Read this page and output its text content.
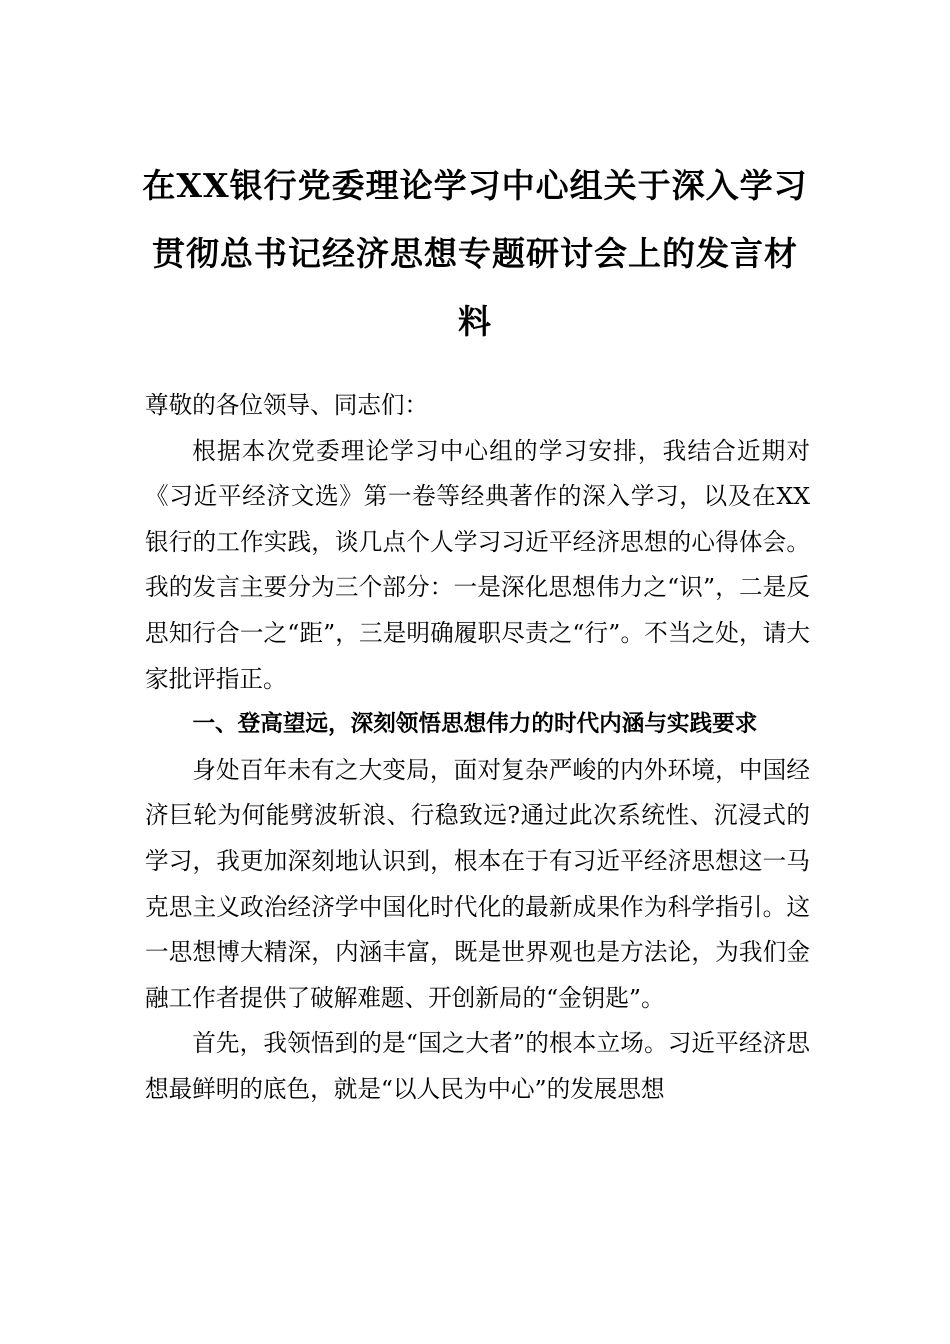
在XX银行党委理论学习中心组关于深入学习贯彻总书记经济思想专题研讨会上的发言材料

尊敬的各位领导、同志们：

根据本次党委理论学习中心组的学习安排，我结合近期对《习近平经济文选》第一卷等经典著作的深入学习，以及在XX银行的工作实践，谈几点个人学习习近平经济思想的心得体会。我的发言主要分为三个部分：一是深化思想伟力之“识”，二是反思知行合一之“距”，三是明确履职尽责之“行”。不当之处，请大家批评指正。

一、登高望远，深刻领悟思想伟力的时代内涵与实践要求

身处百年未有之大变局，面对复杂严峻的内外环境，中国经济巨轮为何能劈波斩浪、行稳致远?通过此次系统性、沉浸式的学习，我更加深刻地认识到，根本在于有习近平经济思想这一马克思主义政治经济学中国化时代化的最新成果作为科学指引。这一思想博大精深，内涵丰富，既是世界观也是方法论，为我们金融工作者提供了破解难题、开创新局的“金钥匙”。

首先，我领悟到的是“国之大者”的根本立场。习近平经济思想最鲜明的底色，就是“以人民为中心”的发展思想
